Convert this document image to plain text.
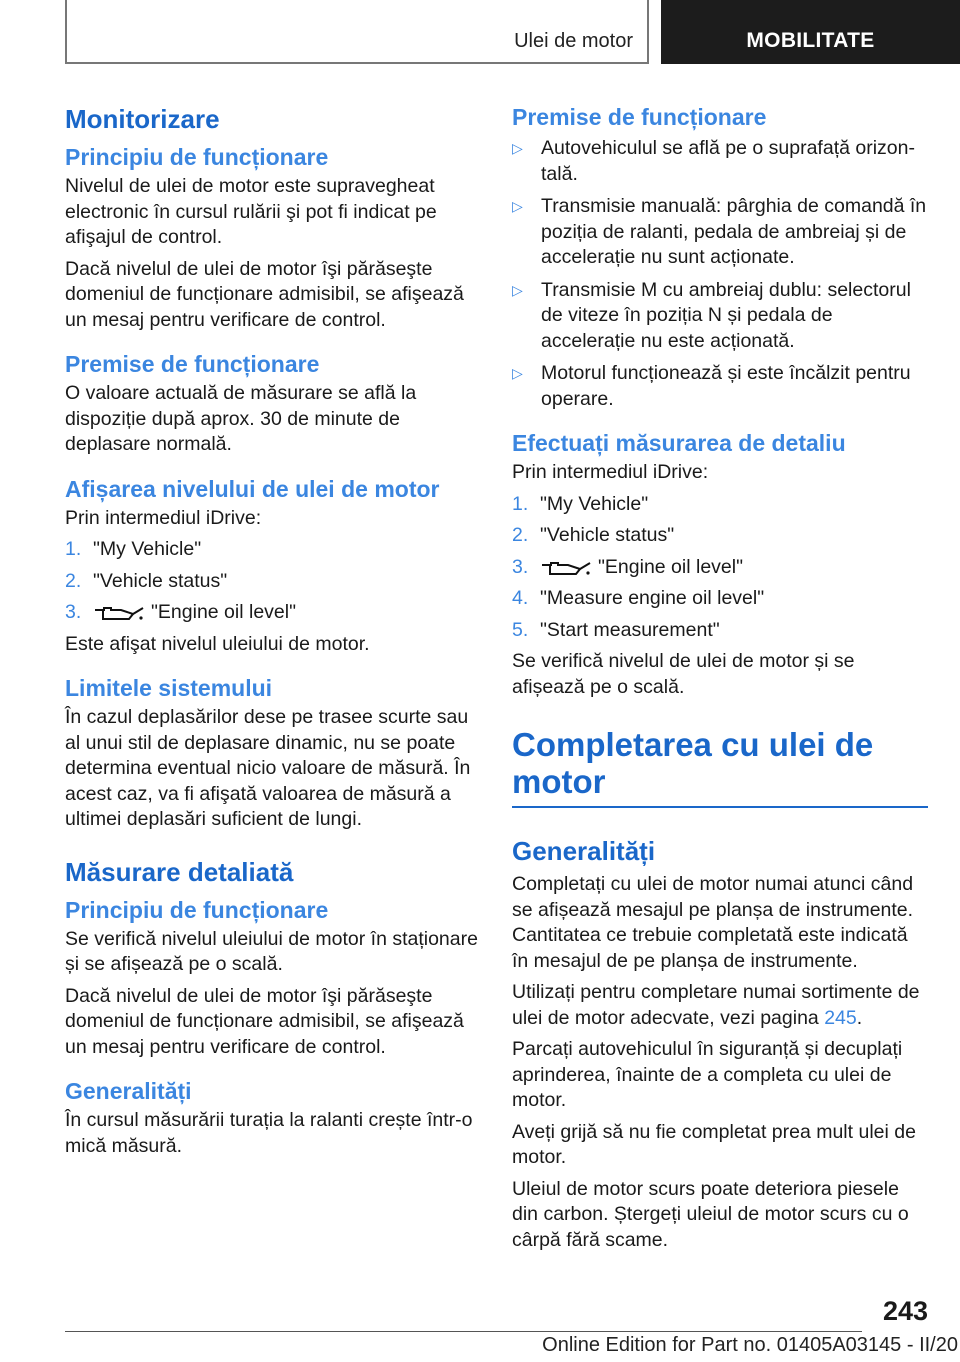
Ulei de motor	MOBILITATE
Monitorizare
Principiu de funcționare

Nivelul de ulei de motor este supravegheat electronic în cursul rulării şi pot fi indicat pe afişajul de control.

Dacă nivelul de ulei de motor îşi părăseşte domeniul de funcționare admisibil, se afişează un mesaj pentru verificare de control.

Premise de funcționare

O valoare actuală de măsurare se află la dispoziție după aprox. 30 de minute de deplasare normală.

Afișarea nivelului de ulei de motor

Prin intermediul iDrive:

1. "My Vehicle"
2. "Vehicle status"
3.	"Engine oil level"

Este afişat nivelul uleiului de motor.

Limitele sistemului

În cazul deplasărilor dese pe trasee scurte sau al unui stil de deplasare dinamic, nu se poate determina eventual nicio valoare de măsură. În acest caz, va fi afişată valoarea de măsură a ultimei deplasări suficient de lungi.

Măsurare detaliată
Principiu de funcționare

Se verifică nivelul uleiului de motor în staționare și se afișează pe o scală.

Dacă nivelul de ulei de motor îşi părăseşte domeniul de funcționare admisibil, se afişează un mesaj pentru verificare de control.

Generalități

În cursul măsurării turația la ralanti crește într-o mică măsură.

Premise de funcționare
▷ Autovehiculul se află pe o suprafață orizontală.
▷ Transmisie manuală: pârghia de comandă în poziția de ralanti, pedala de ambreiaj și de accelerație nu sunt acționate.
▷ Transmisie M cu ambreiaj dublu: selectorul de viteze în poziția N și pedala de accelerație nu este acționată.
▷ Motorul funcționează și este încălzit pentru operare.
Efectuați măsurarea de detaliu

Prin intermediul iDrive:

1. "My Vehicle"
2. "Vehicle status"
3.	"Engine oil level"
4. "Measure engine oil level"
5. "Start measurement"

Se verifică nivelul de ulei de motor și se afișează pe o scală.

Completarea cu ulei de motor
Generalități

Completați cu ulei de motor numai atunci când se afișează mesajul pe planșa de instrumente. Cantitatea ce trebuie completată este indicată în mesajul de pe planșa de instrumente.

Utilizați pentru completare numai sortimente de ulei de motor adecvate, vezi pagina 245.

Parcați autovehiculul în siguranță și decuplați aprinderea, înainte de a completa cu ulei de motor.

Aveți grijă să nu fie completat prea mult ulei de motor.

Uleiul de motor scurs poate deteriora piesele din carbon. Ștergeți uleiul de motor scurs cu o cârpă fără scame.

243
Online Edition for Part no. 01405A03145 - II/20
